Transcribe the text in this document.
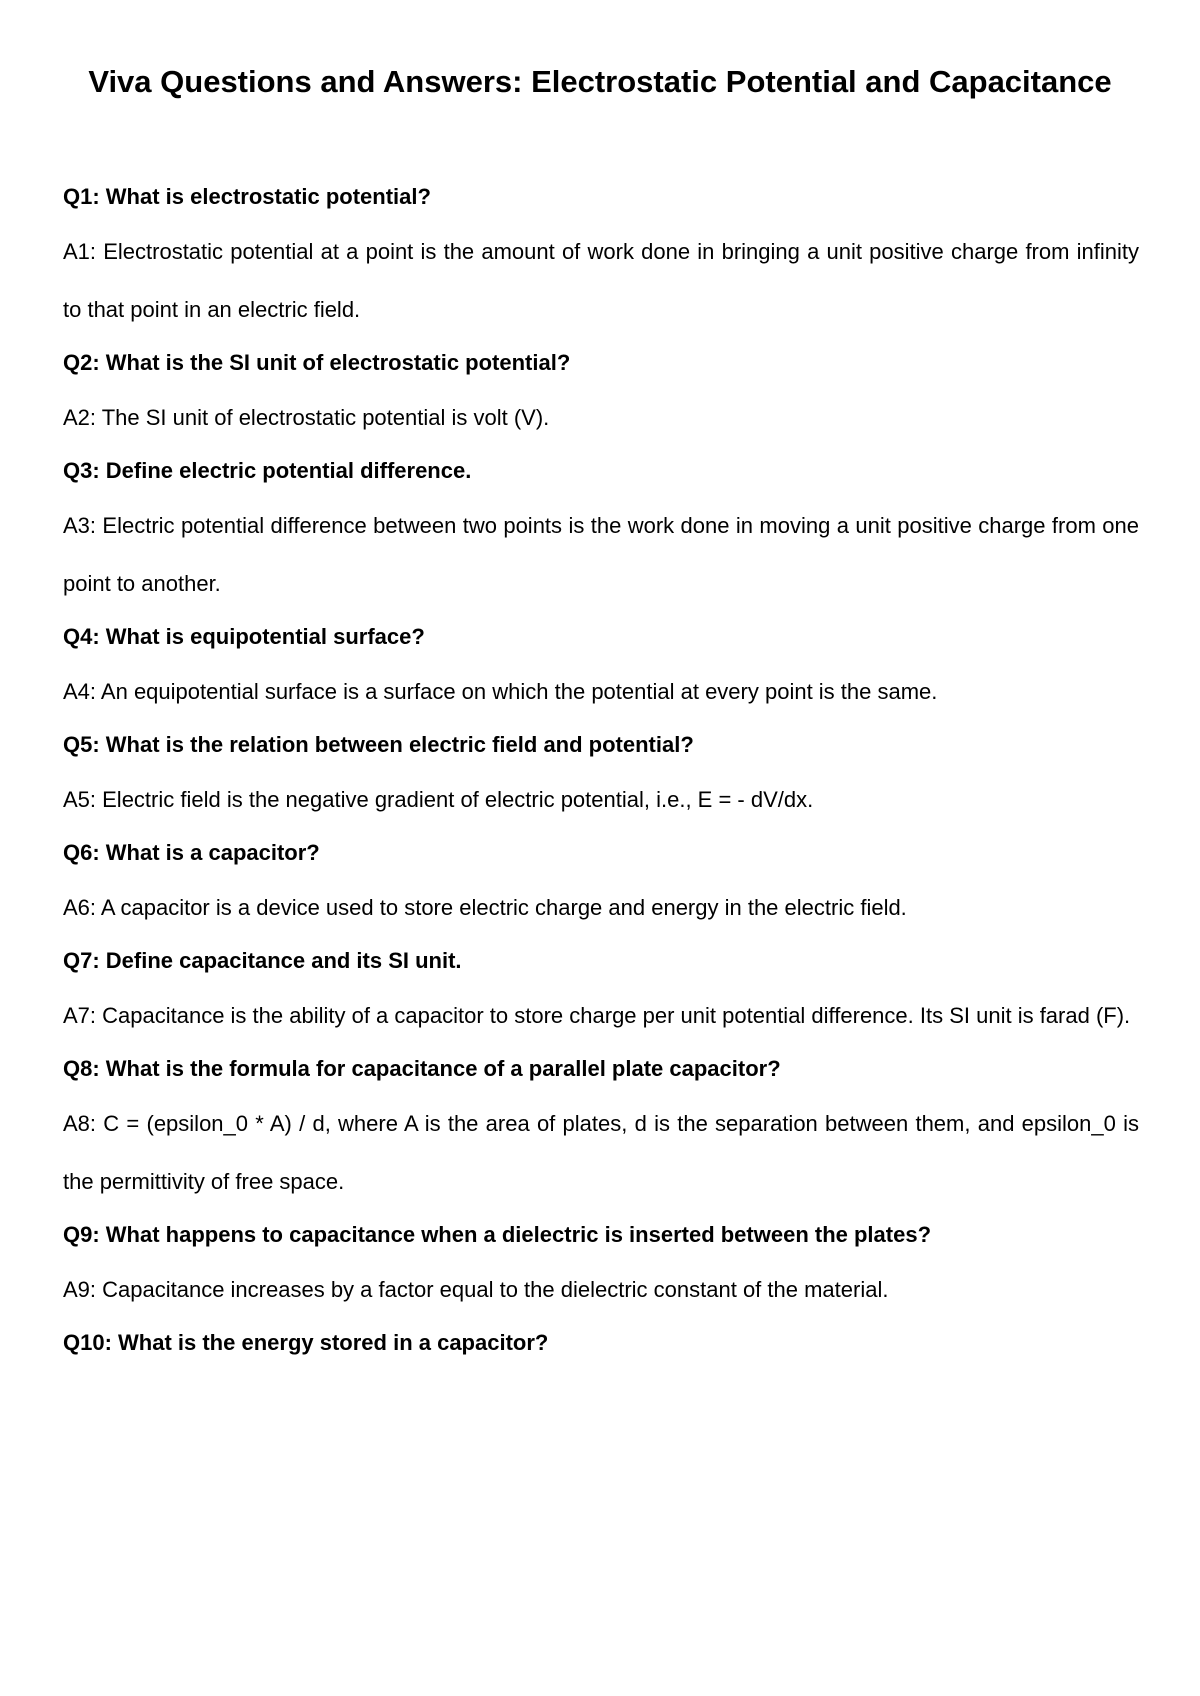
Viva Questions and Answers: Electrostatic Potential and Capacitance

Q1: What is electrostatic potential?

A1: Electrostatic potential at a point is the amount of work done in bringing a unit positive charge from infinity to that point in an electric field.

Q2: What is the SI unit of electrostatic potential?

A2: The SI unit of electrostatic potential is volt (V).

Q3: Define electric potential difference.

A3: Electric potential difference between two points is the work done in moving a unit positive charge from one point to another.

Q4: What is equipotential surface?

A4: An equipotential surface is a surface on which the potential at every point is the same.

Q5: What is the relation between electric field and potential?

A5: Electric field is the negative gradient of electric potential, i.e., E = - dV/dx.

Q6: What is a capacitor?

A6: A capacitor is a device used to store electric charge and energy in the electric field.

Q7: Define capacitance and its SI unit.

A7: Capacitance is the ability of a capacitor to store charge per unit potential difference. Its SI unit is farad (F).

Q8: What is the formula for capacitance of a parallel plate capacitor?

A8: C = (epsilon_0 * A) / d, where A is the area of plates, d is the separation between them, and epsilon_0 is the permittivity of free space.

Q9: What happens to capacitance when a dielectric is inserted between the plates?

A9: Capacitance increases by a factor equal to the dielectric constant of the material.

Q10: What is the energy stored in a capacitor?
